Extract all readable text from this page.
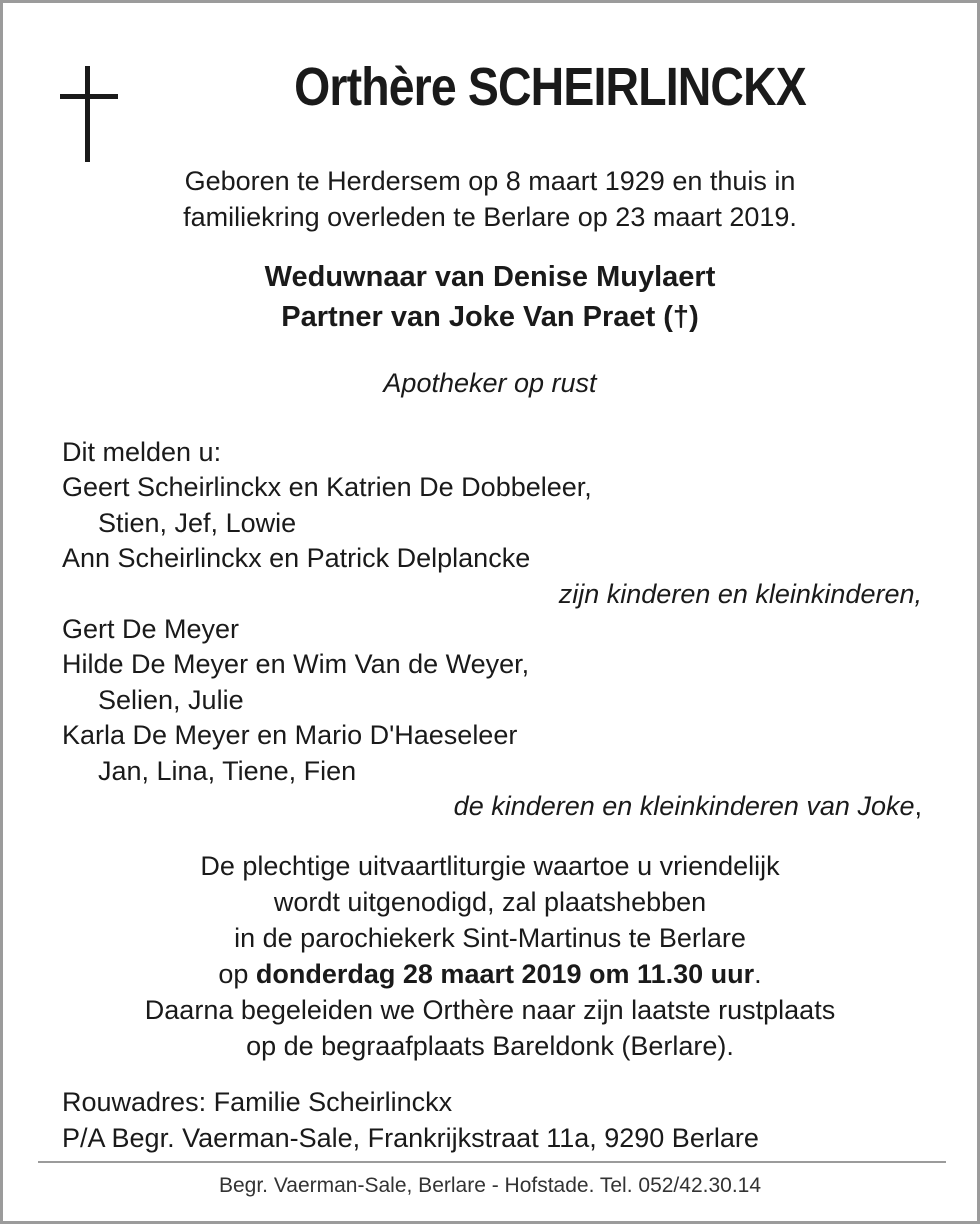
Orthère SCHEIRLINCKX

Geboren te Herdersem op 8 maart 1929 en thuis in

familiekring overleden te Berlare op 23 maart 2019.

Weduwnaar van Denise Muylaert

Partner van Joke Van Praet (†)

Apotheker op rust

Dit melden u:

Geert Scheirlinckx en Katrien De Dobbeleer,

Stien, Jef, Lowie

Ann Scheirlinckx en Patrick Delplancke

zijn kinderen en kleinkinderen,

Gert De Meyer

Hilde De Meyer en Wim Van de Weyer,

Selien, Julie

Karla De Meyer en Mario D'Haeseleer

Jan, Lina, Tiene, Fien

de kinderen en kleinkinderen van Joke,

De plechtige uitvaartliturgie waartoe u vriendelijk

wordt uitgenodigd, zal plaatshebben

in de parochiekerk Sint-Martinus te Berlare

op donderdag 28 maart 2019 om 11.30 uur.

Daarna begeleiden we Orthère naar zijn laatste rustplaats

op de begraafplaats Bareldonk (Berlare).

Rouwadres: Familie Scheirlinckx

P/A Begr. Vaerman-Sale, Frankrijkstraat 11a, 9290 Berlare

Begr. Vaerman-Sale, Berlare - Hofstade. Tel. 052/42.30.14
